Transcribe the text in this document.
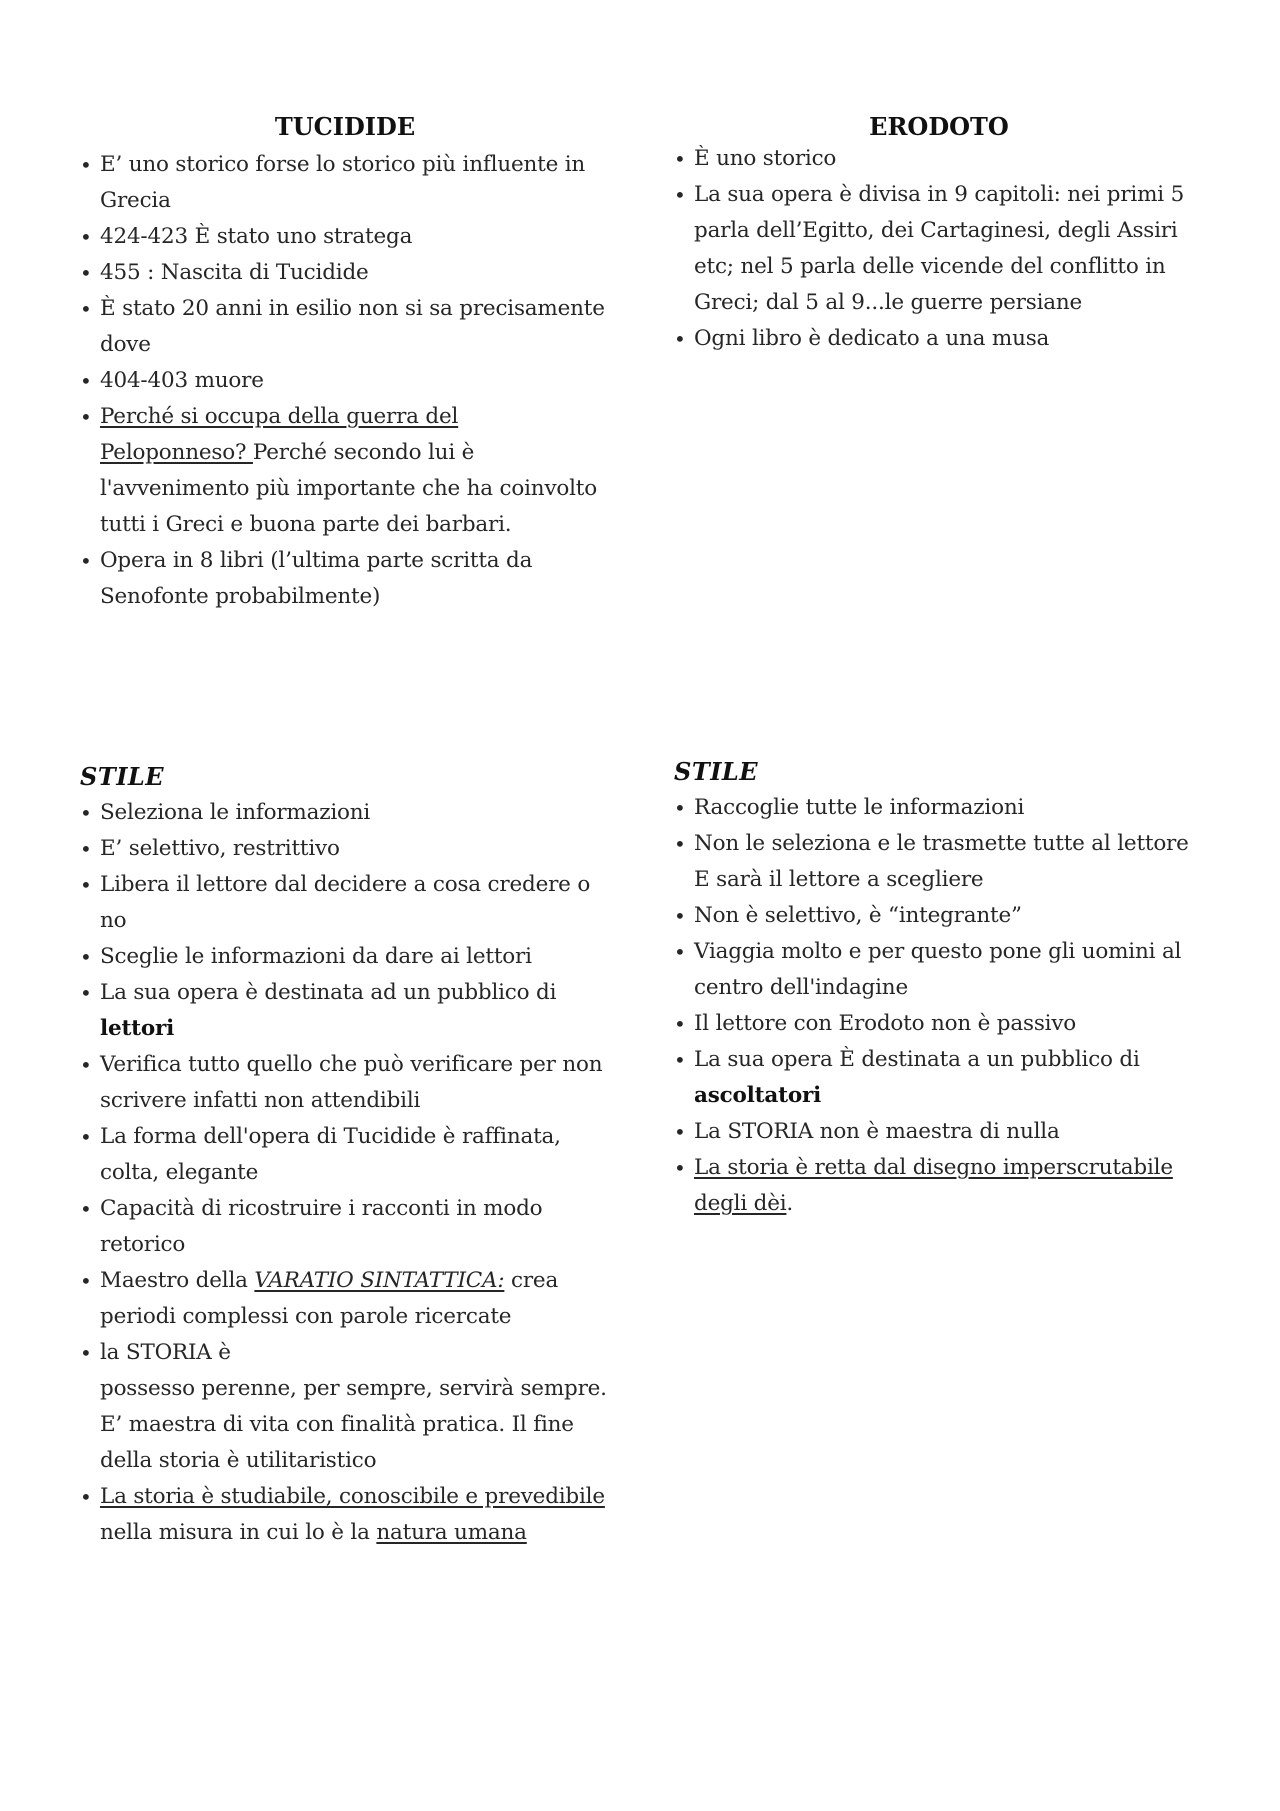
TUCIDIDE
• E’ uno storico forse lo storico più influente in Grecia
• 424-423 È stato uno stratega
• 455 : Nascita di Tucidide
• È stato 20 anni in esilio non si sa precisamente dove
• 404-403 muore
• Perché si occupa della guerra del Peloponneso? Perché secondo lui è l'avvenimento più importante che ha coinvolto tutti i Greci e buona parte dei barbari.
• Opera in 8 libri (l’ultima parte scritta da Senofonte probabilmente)
ERODOTO
• È uno storico
• La sua opera è divisa in 9 capitoli: nei primi 5 parla dell’Egitto, dei Cartaginesi, degli Assiri etc; nel 5 parla delle vicende del conflitto in Greci; dal 5 al 9...le guerre persiane
• Ogni libro è dedicato a una musa
STILE
• Seleziona le informazioni
• E’ selettivo, restrittivo
• Libera il lettore dal decidere a cosa credere o no
• Sceglie le informazioni da dare ai lettori
• La sua opera è destinata ad un pubblico di lettori
• Verifica tutto quello che può verificare per non scrivere infatti non attendibili
• La forma dell'opera di Tucidide è raffinata, colta, elegante
• Capacità di ricostruire i racconti in modo retorico
• Maestro della VARATIO SINTATTICA: crea periodi complessi con parole ricercate
• la STORIA è
possesso perenne, per sempre, servirà sempre. E’ maestra di vita con finalità pratica. Il fine della storia è utilitaristico
• La storia è studiabile, conoscibile e prevedibile nella misura in cui lo è la natura umana
STILE
• Raccoglie tutte le informazioni
• Non le seleziona e le trasmette tutte al lettore E sarà il lettore a scegliere
• Non è selettivo, è “integrante”
• Viaggia molto e per questo pone gli uomini al centro dell'indagine
• Il lettore con Erodoto non è passivo
• La sua opera È destinata a un pubblico di ascoltatori
• La STORIA non è maestra di nulla
• La storia è retta dal disegno imperscrutabile degli dèi.
